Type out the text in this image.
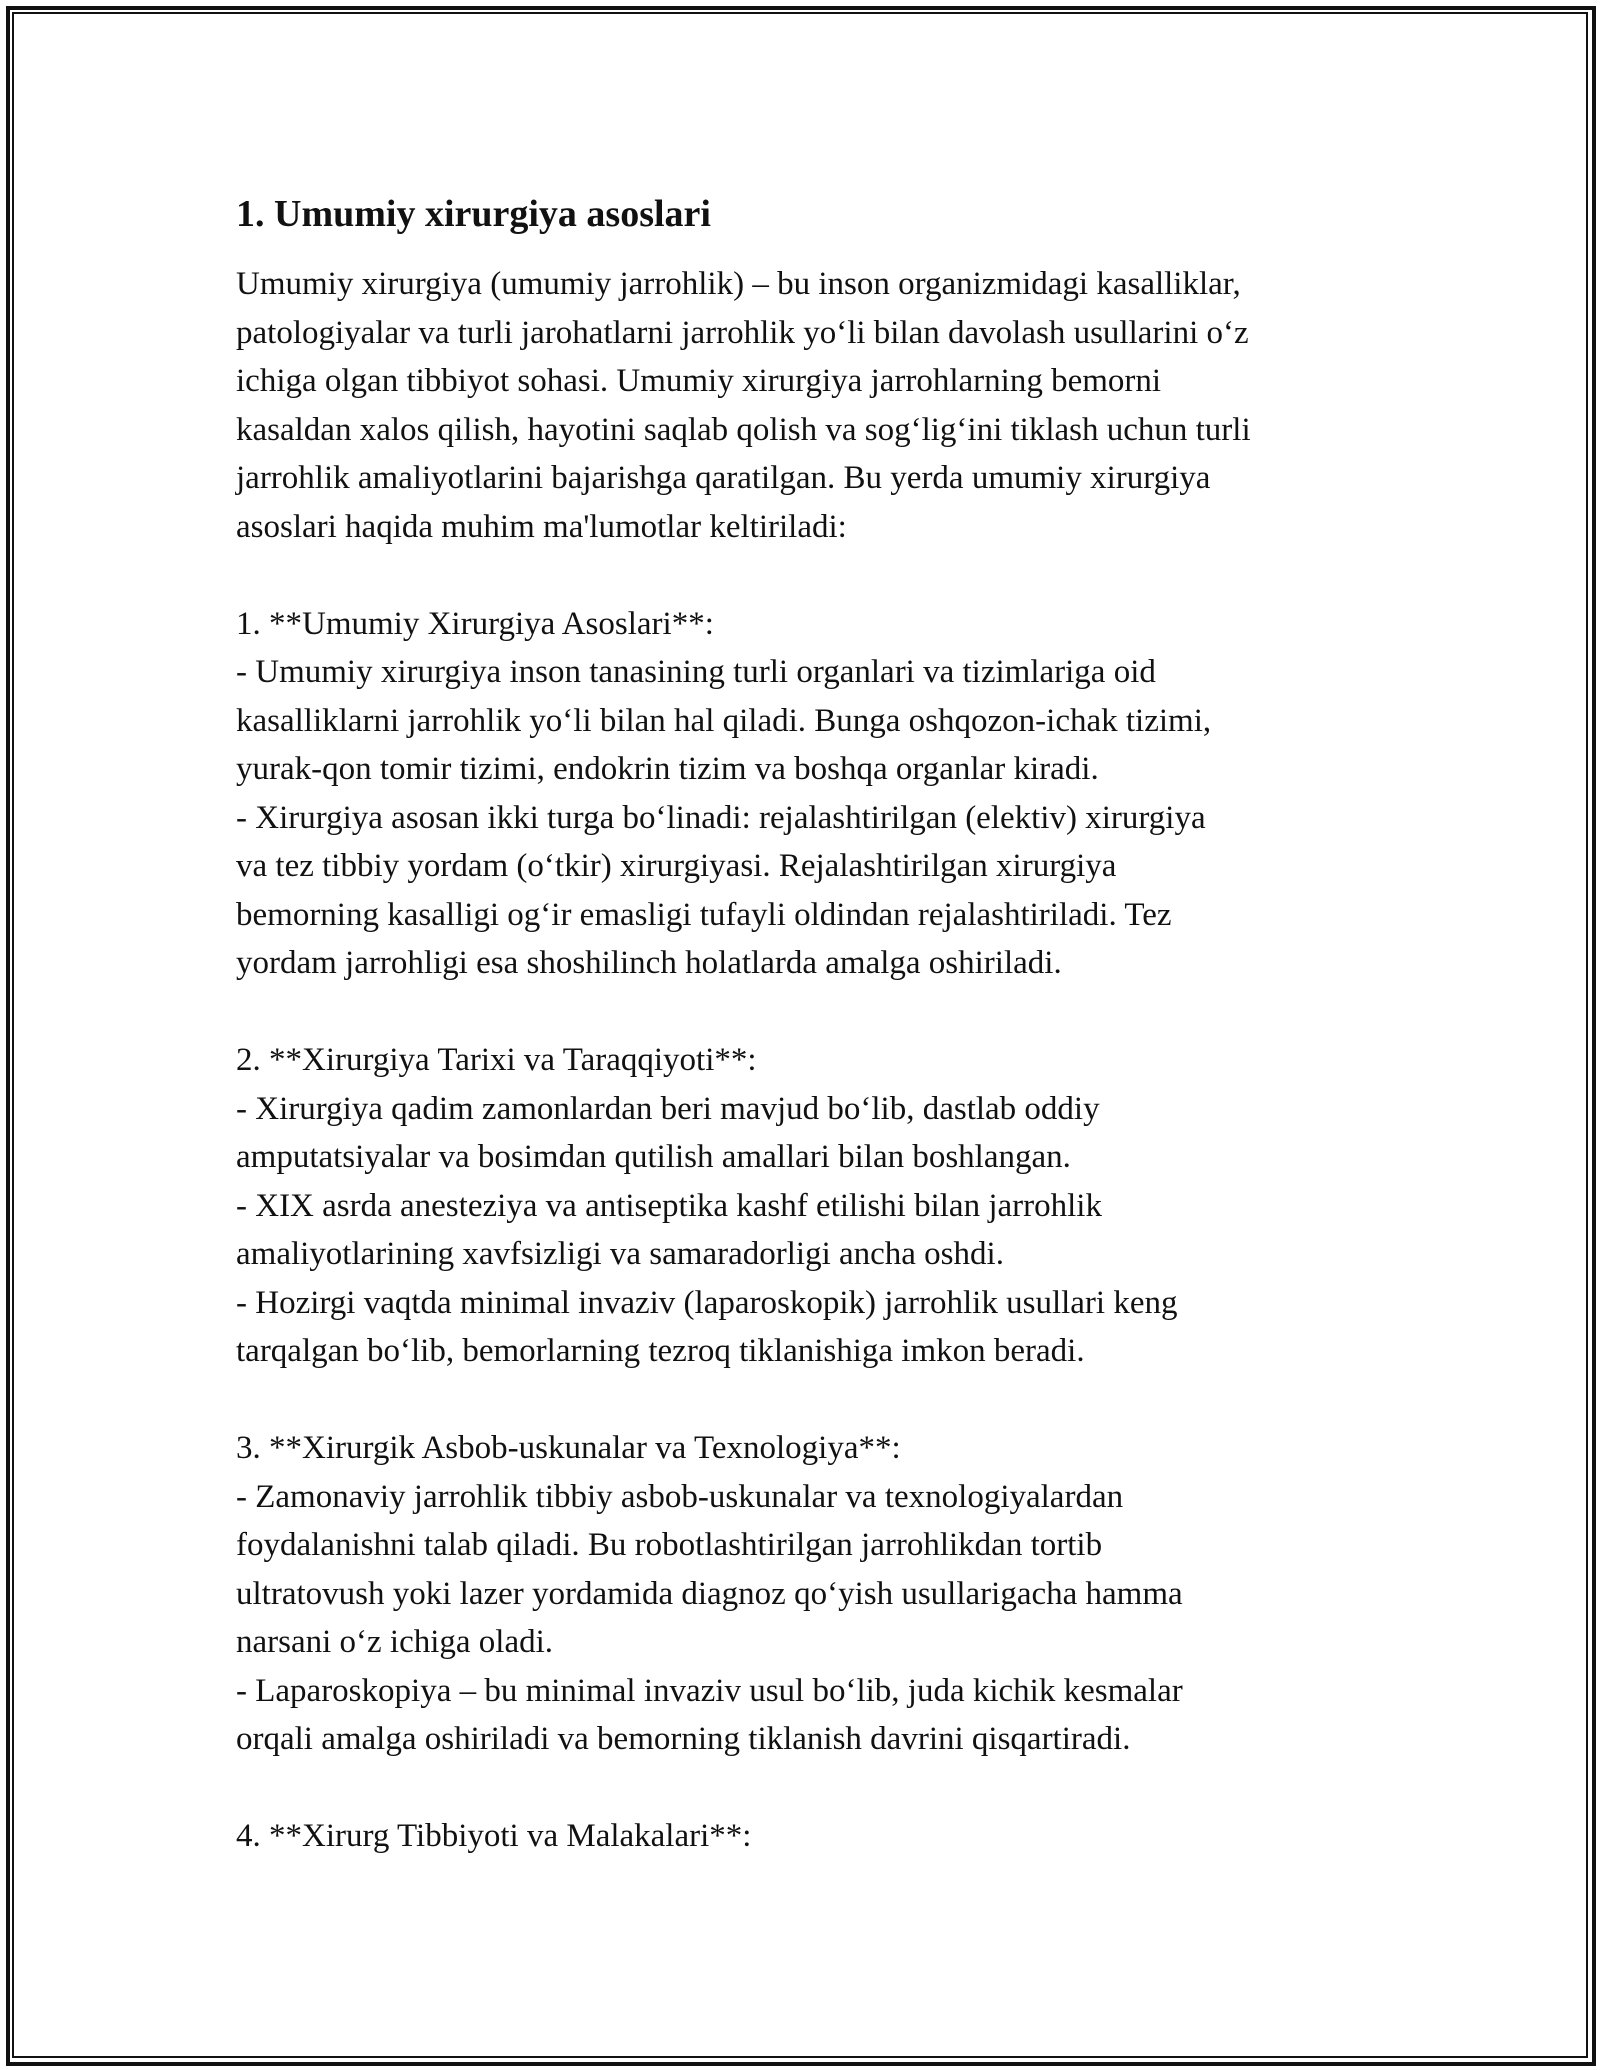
1. Umumiy xirurgiya asoslari

Umumiy xirurgiya (umumiy jarrohlik) – bu inson organizmidagi kasalliklar,
patologiyalar va turli jarohatlarni jarrohlik yo‘li bilan davolash usullarini o‘z
ichiga olgan tibbiyot sohasi. Umumiy xirurgiya jarrohlarning bemorni
kasaldan xalos qilish, hayotini saqlab qolish va sog‘lig‘ini tiklash uchun turli
jarrohlik amaliyotlarini bajarishga qaratilgan. Bu yerda umumiy xirurgiya
asoslari haqida muhim ma'lumotlar keltiriladi:

1. **Umumiy Xirurgiya Asoslari**:
- Umumiy xirurgiya inson tanasining turli organlari va tizimlariga oid
kasalliklarni jarrohlik yo‘li bilan hal qiladi. Bunga oshqozon-ichak tizimi,
yurak-qon tomir tizimi, endokrin tizim va boshqa organlar kiradi.
- Xirurgiya asosan ikki turga bo‘linadi: rejalashtirilgan (elektiv) xirurgiya
va tez tibbiy yordam (o‘tkir) xirurgiyasi. Rejalashtirilgan xirurgiya
bemorning kasalligi og‘ir emasligi tufayli oldindan rejalashtiriladi. Tez
yordam jarrohligi esa shoshilinch holatlarda amalga oshiriladi.

2. **Xirurgiya Tarixi va Taraqqiyoti**:
- Xirurgiya qadim zamonlardan beri mavjud bo‘lib, dastlab oddiy
amputatsiyalar va bosimdan qutilish amallari bilan boshlangan.
- XIX asrda anesteziya va antiseptika kashf etilishi bilan jarrohlik
amaliyotlarining xavfsizligi va samaradorligi ancha oshdi.
- Hozirgi vaqtda minimal invaziv (laparoskopik) jarrohlik usullari keng
tarqalgan bo‘lib, bemorlarning tezroq tiklanishiga imkon beradi.

3. **Xirurgik Asbob-uskunalar va Texnologiya**:
- Zamonaviy jarrohlik tibbiy asbob-uskunalar va texnologiyalardan
foydalanishni talab qiladi. Bu robotlashtirilgan jarrohlikdan tortib
ultratovush yoki lazer yordamida diagnoz qo‘yish usullarigacha hamma
narsani o‘z ichiga oladi.
- Laparoskopiya – bu minimal invaziv usul bo‘lib, juda kichik kesmalar
orqali amalga oshiriladi va bemorning tiklanish davrini qisqartiradi.

4. **Xirurg Tibbiyoti va Malakalari**:
